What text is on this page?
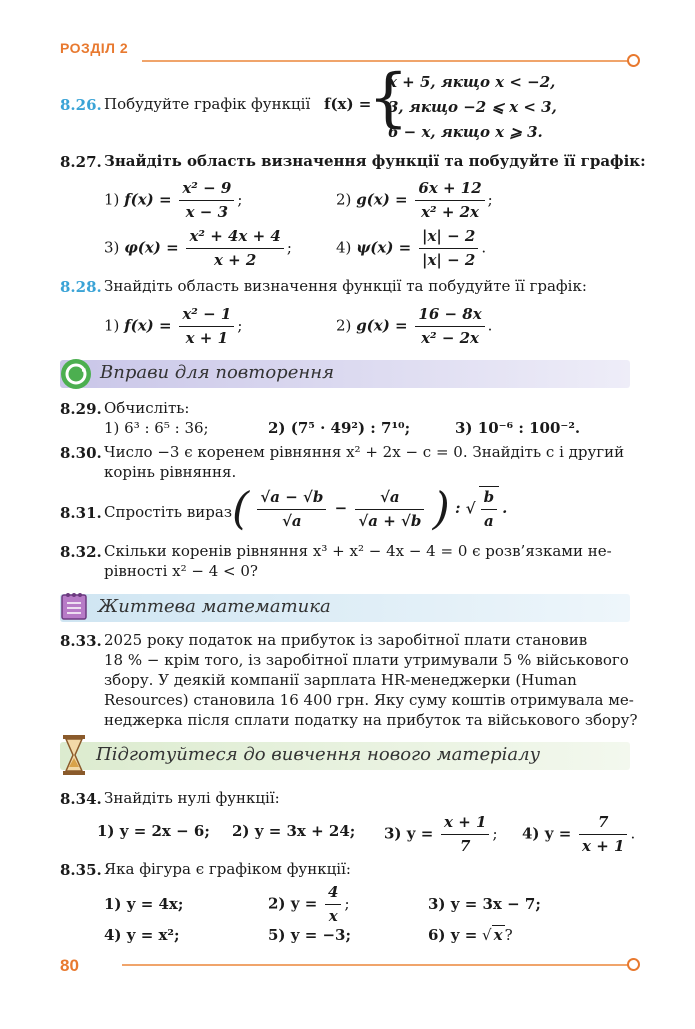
РОЗДІЛ 2
8.26. Побудуйте графік функції f(x) =
{
x + 5, якщо x < −2,
3, якщо −2 ⩽ x < 3,
6 − x, якщо x ⩾ 3.
8.27. Знайдіть область визначення функції та побудуйте її графік:
1) $f(x) = \frac{\text{x² − 9}}{x - 3}$ ;	2) $g(x) = \frac{6x + 12}{\text{x² + 2x}}$ ;
3) $\varphi(x) = \frac{\text{x² + 4x + 4}}{x + 2}$ ;	4) $\psi(x) = \frac{|x| - 2}{|x| - 2}$ .
8.28. Знайдіть область визначення функції та побудуйте її графік:
1) $f(x) = \frac{\text{x² − 1}}{x + 1}$ ;	2) $g(x) = \frac{16 - 8x}{\text{x² − 2x}}$ .
Вправи для повторення
8.29. Обчисліть:
1) 6³ : 6⁵ : 36;	2) (7⁵ · 49²) : 7¹⁰;	3) 10⁻⁶ : 100⁻².
8.30. Число −3 є коренем рівняння x² + 2x − c = 0. Знайдіть c і другий
корінь рівняння.
8.31. Спростіть вираз ( $\frac{√a - √b}{√a} - \frac{√a}{√a + √b}$ ) : √ $\frac{b}{a}$ .
8.32. Скільки коренів рівняння x³ + x² − 4x − 4 = 0 є розв’язками не-
рівності x² − 4 < 0?
Життева математика
8.33. 2025 року податок на прибуток із заробітної плати становив
18 % − крім того, із заробітної плати утримували 5 % військового
збору. У деякій компанії зарплата HR-менеджерки (Human
Resources) становила 16 400 грн. Яку суму коштів отримувала ме-
неджерка після сплати податку на прибуток та військового збору?
Підготуйтеся до вивчення нового матеріалу
8.34. Знайдіть нулі функції:
1) y = 2x − 6; 2) y = 3x + 24; 3) $y = \frac{x + 1}{7}$ ; 4) $y = \frac{7}{x + 1}$ .
8.35. Яка фігура є графіком функції:
1) y = 4x;	2) $y = \frac{4}{x}$ ;	3) y = 3x − 7;
4) y = x²;	5) y = −3;	6) y = √ x ?
80
